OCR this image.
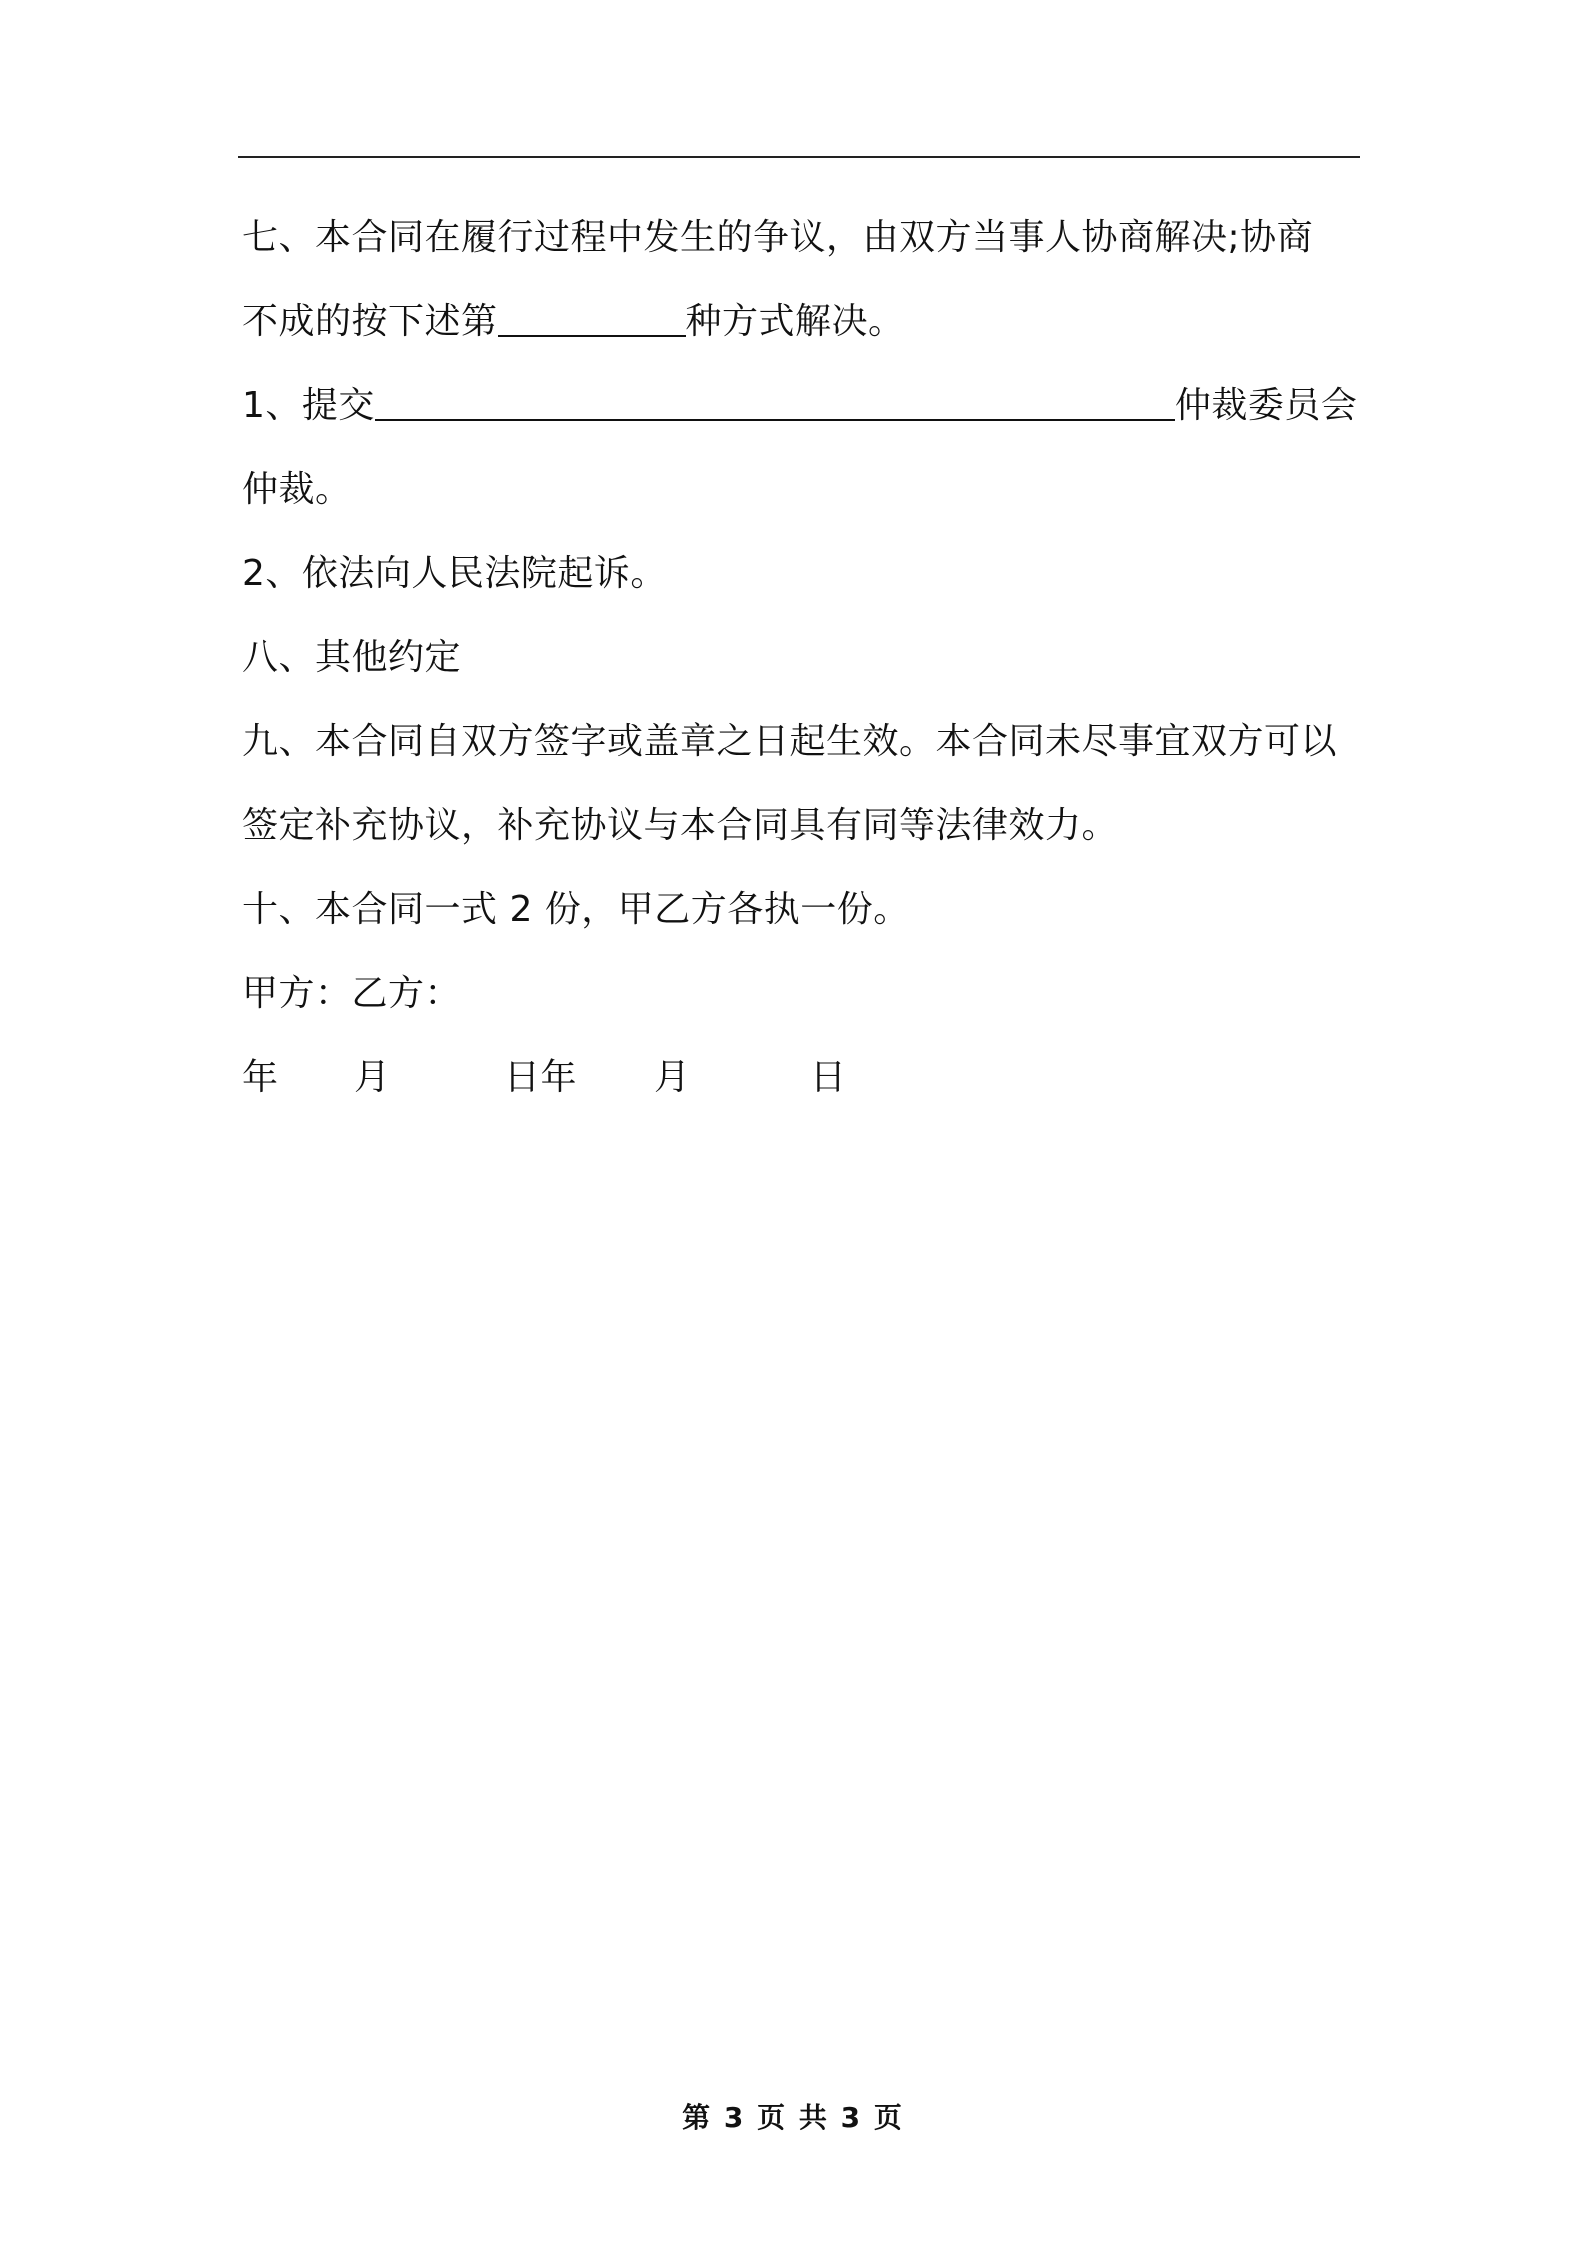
七、本合同在履行过程中发生的争议，由双方当事人协商解决;协商
不成的按下述第	种方式解决。
1、提交	仲裁委员会
仲裁。
2、依法向人民法院起诉。
八、其他约定
九、本合同自双方签字或盖章之日起生效。本合同未尽事宜双方可以
签定补充协议，补充协议与本合同具有同等法律效力。
十、本合同一式 2 份，甲乙方各执一份。
甲方：乙方：
年 月	日年 月	日
第 3 页 共 3 页
